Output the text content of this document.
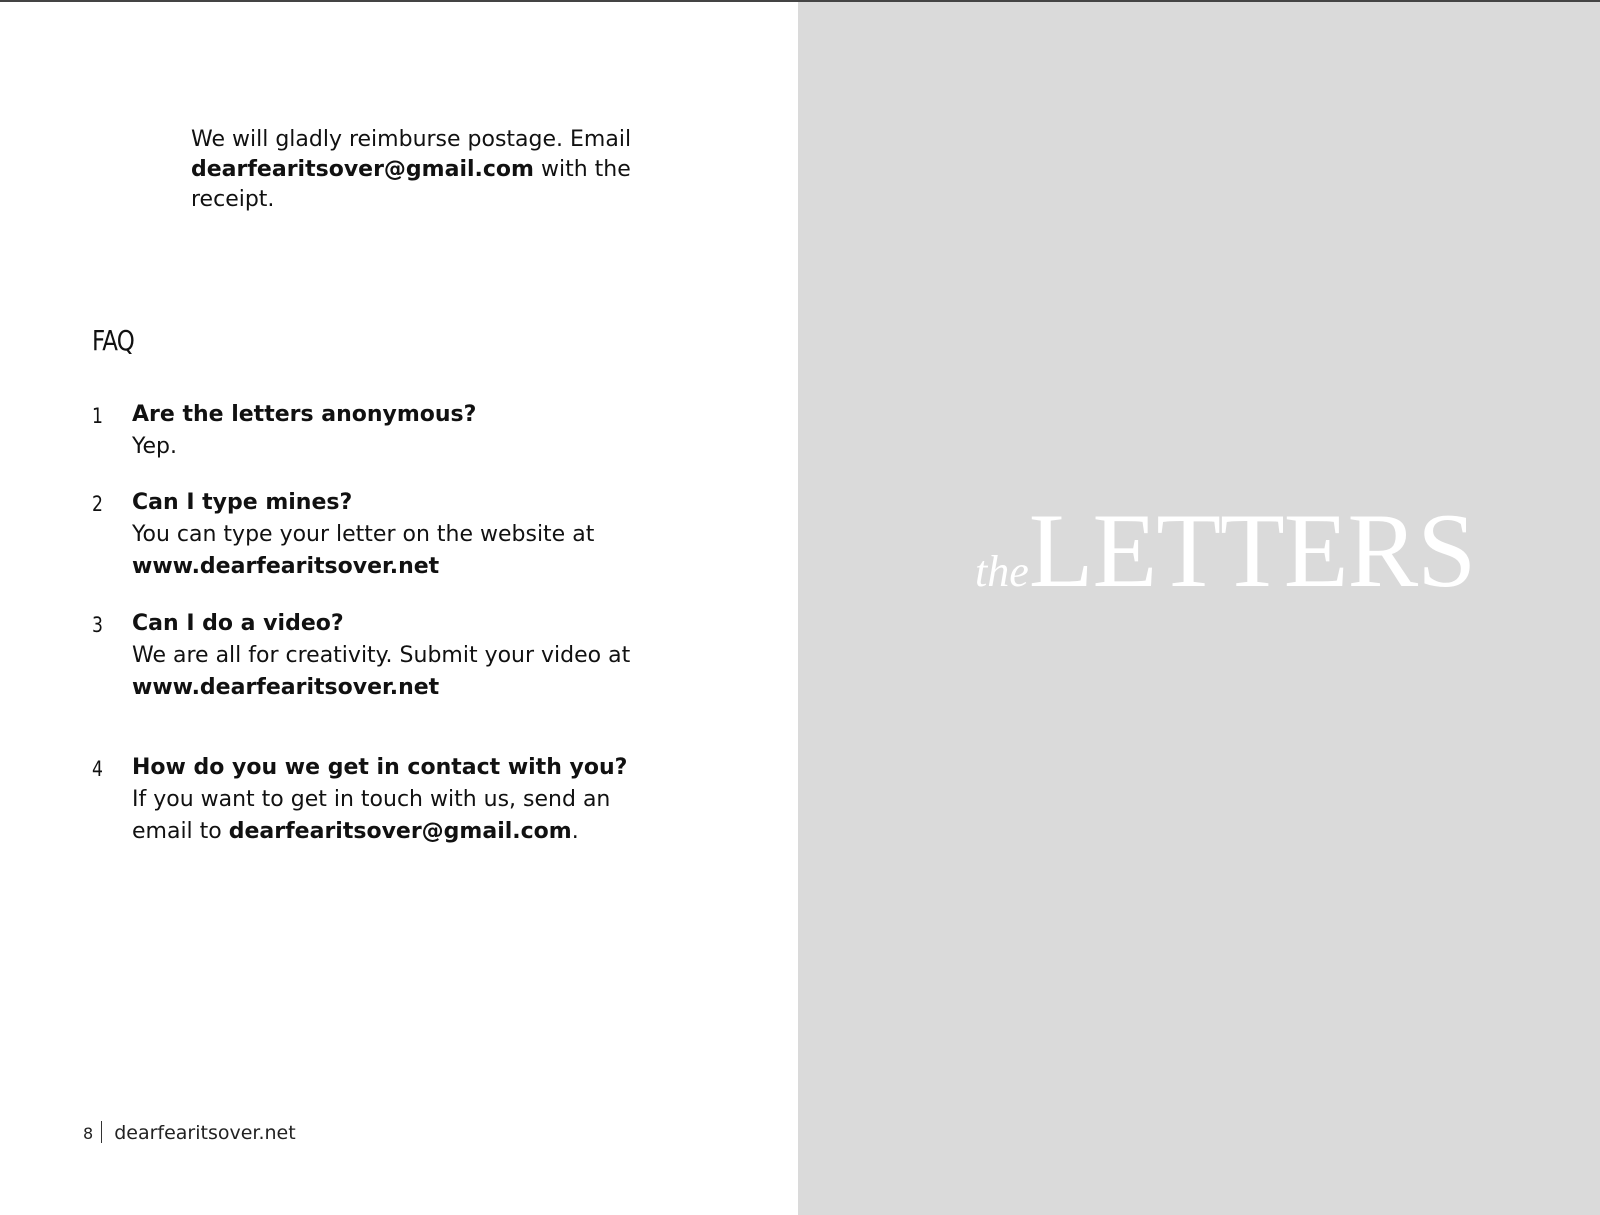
We will gladly reimburse postage. Email
dearfearitsover@gmail.com with the
receipt.
FAQ
1 Are the letters anonymous?
Yep.
2 Can I type mines?
You can type your letter on the website at
www.dearfearitsover.net
3 Can I do a video?
We are all for creativity. Submit your video at
www.dearfearitsover.net
4 How do you we get in contact with you?
If you want to get in touch with us, send an email to dearfearitsover@gmail.com.
8 dearfearitsover.net
theLETTERS
